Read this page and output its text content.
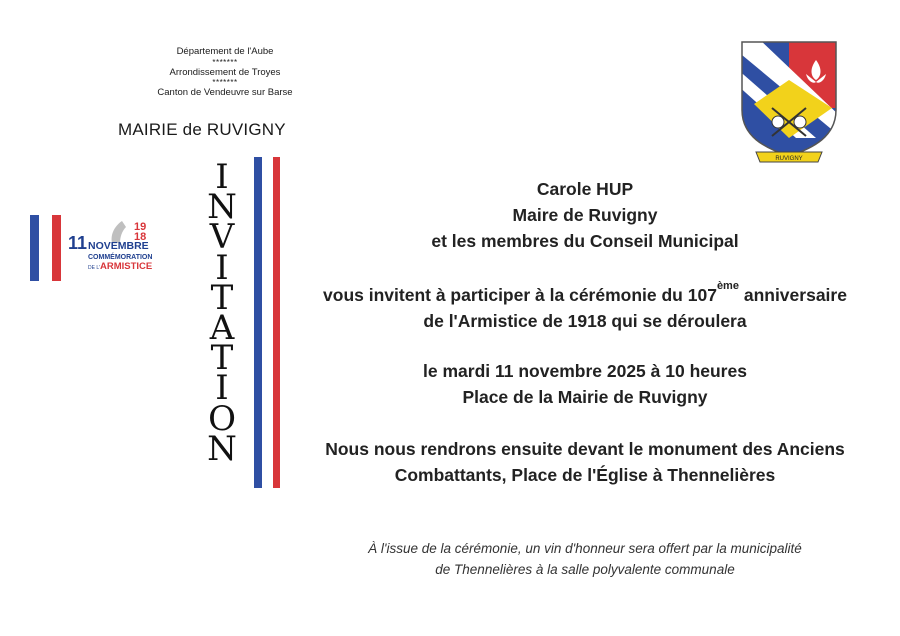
Département de l'Aube
*******
Arrondissement de Troyes
*******
Canton de Vendeuvre sur Barse
MAIRIE de RUVIGNY
11 NOVEMBRE
19
18
COMMÉMORATION
DE L' ARMISTICE
RUVIGNY
I
N
V
I
T
A
T
I
O
N

Carole HUP

Maire de Ruvigny

et les membres du Conseil Municipal

vous invitent à participer à la cérémonie du 107ème anniversaire

de l'Armistice de 1918 qui se déroulera

le mardi 11 novembre 2025 à 10 heures

Place de la Mairie de Ruvigny

Nous nous rendrons ensuite devant le monument des Anciens

Combattants, Place de l'Église à Thennelières

À l'issue de la cérémonie, un vin d'honneur sera offert par la municipalité

de Thennelières à la salle polyvalente communale
